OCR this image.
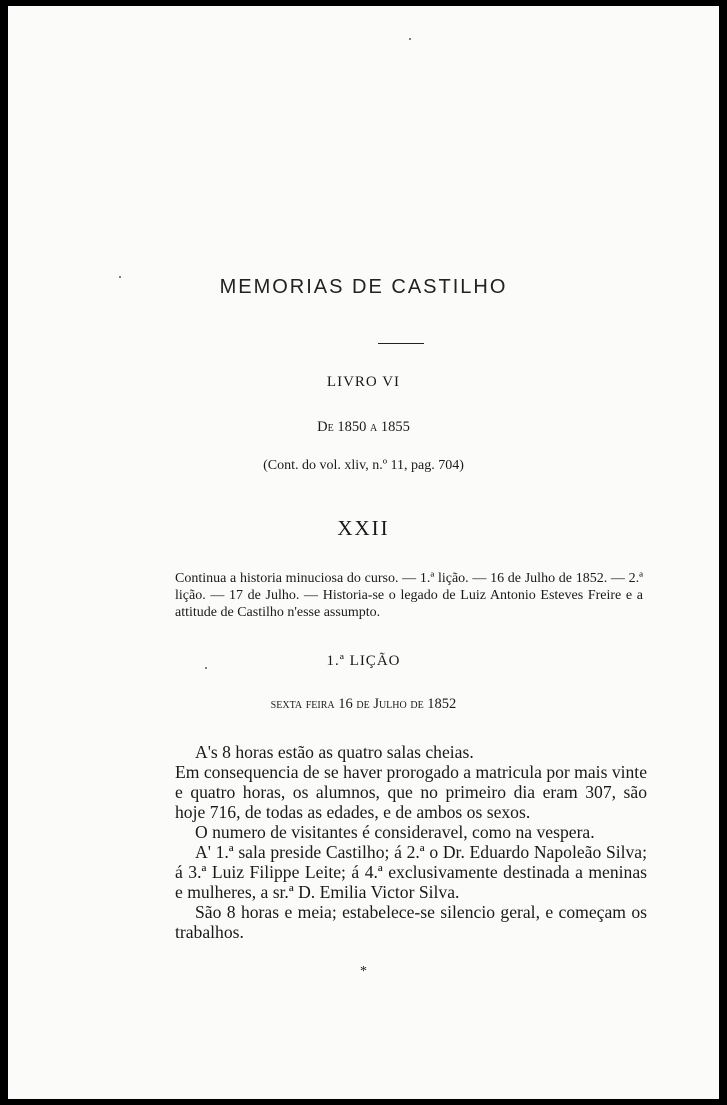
MEMORIAS DE CASTILHO
LIVRO VI
De 1850 a 1855
(Cont. do vol. xliv, n.º 11, pag. 704)
XXII
Continua a historia minuciosa do curso. — 1.ª lição. — 16 de Julho de 1852. — 2.ª lição. — 17 de Julho. — Historia-se o legado de Luiz Antonio Esteves Freire e a attitude de Castilho n'esse assumpto.
1.ª LIÇÃO
sexta feira 16 de Julho de 1852

A's 8 horas estão as quatro salas cheias.

Em consequencia de se haver prorogado a matricula por mais vinte e quatro horas, os alumnos, que no primeiro dia eram 307, são hoje 716, de todas as edades, e de ambos os sexos.

O numero de visitantes é consideravel, como na vespera.

A' 1.ª sala preside Castilho; á 2.ª o Dr. Eduardo Napoleão Silva; á 3.ª Luiz Filippe Leite; á 4.ª exclusivamente destinada a meninas e mulheres, a sr.ª D. Emilia Victor Silva.

São 8 horas e meia; estabelece-se silencio geral, e começam os trabalhos.

*
